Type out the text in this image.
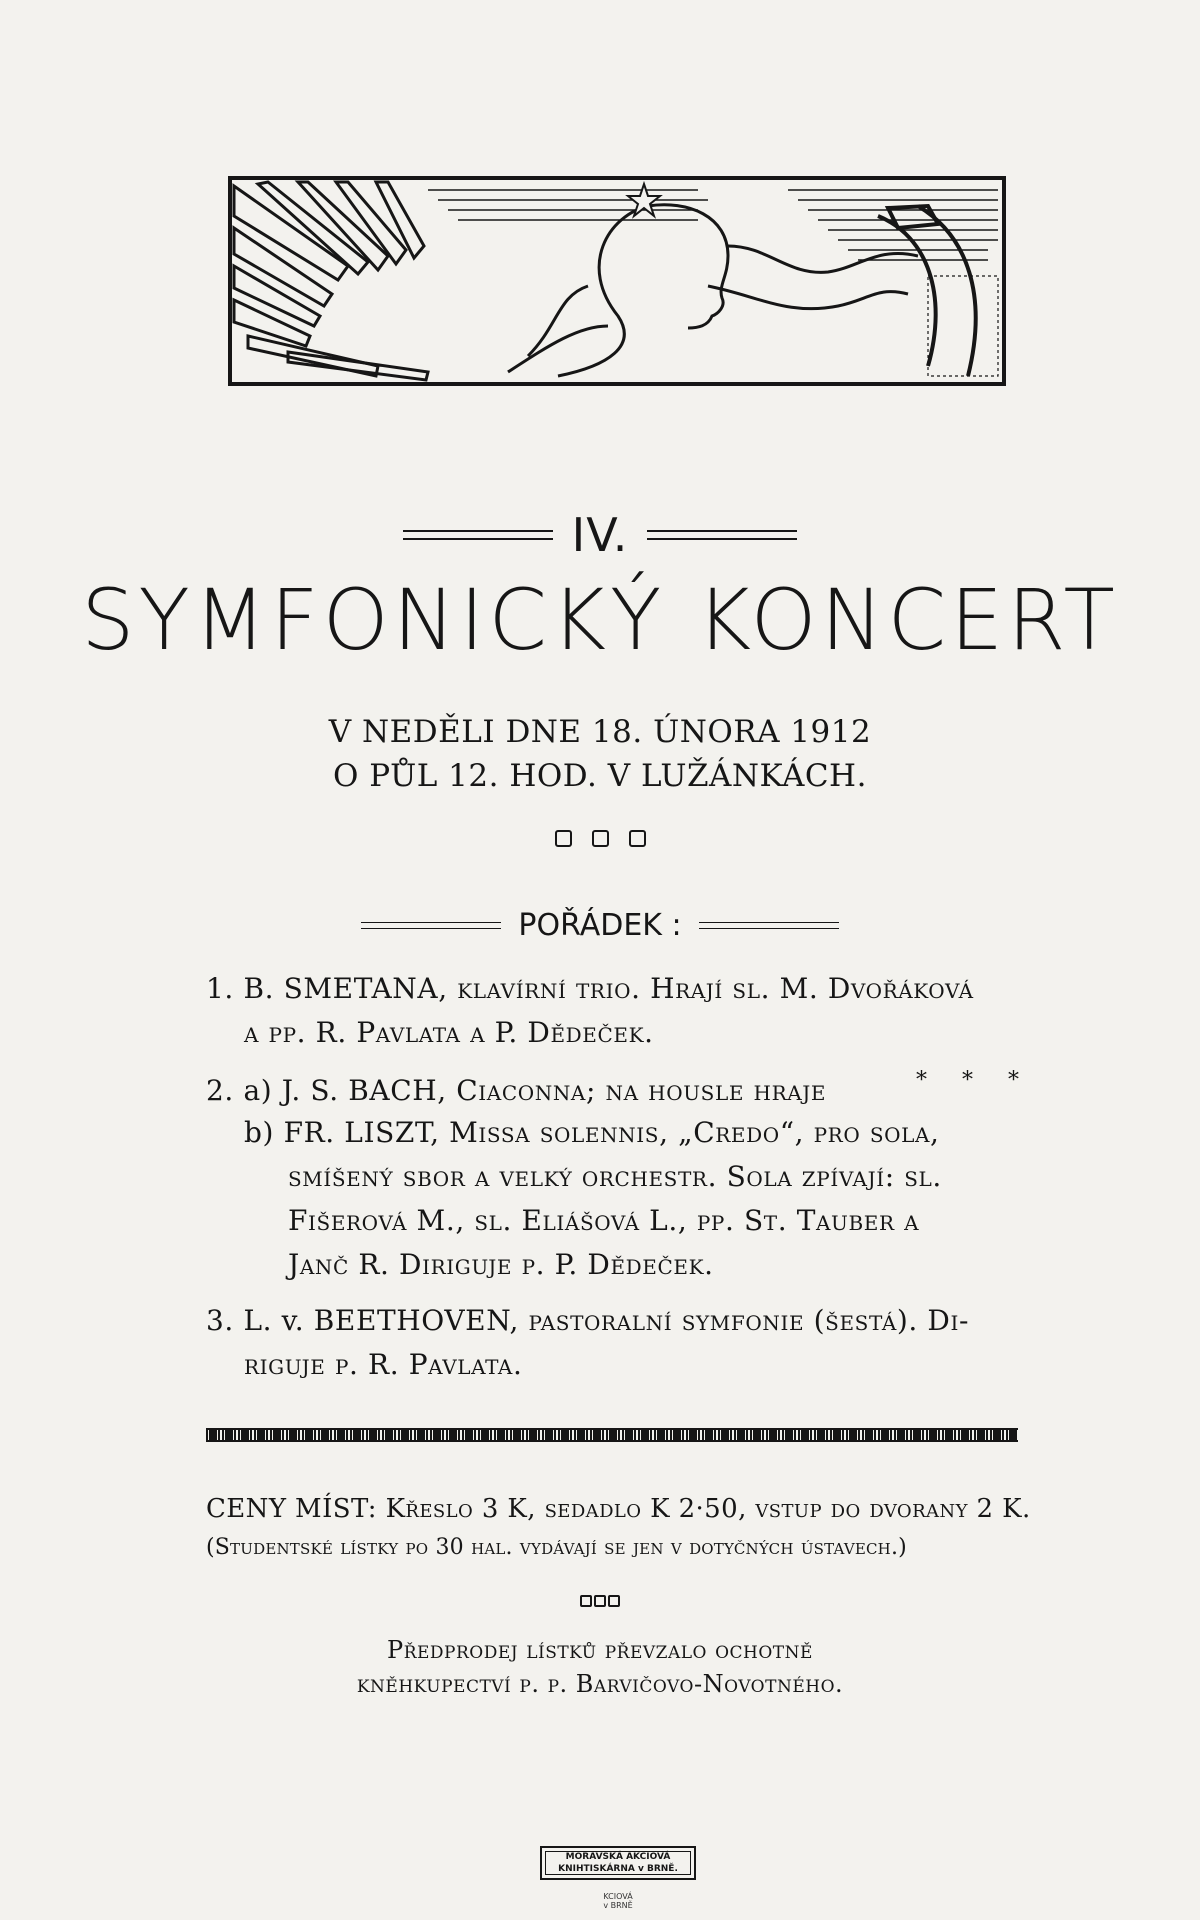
IV.
SYMFONICKÝ KONCERT
V NEDĚLI DNE 18. ÚNORA 1912
O PŮL 12. HOD. V LUŽÁNKÁCH.
POŘÁDEK :
1. B. SMETANA, klavírní trio. Hrají sl. M. Dvořáková
a pp. R. Pavlata a P. Dědeček.
2. a) J. S. BACH, Ciaconna; na housle hraje	* * *
b) FR. LISZT, Missa solennis, „Credo“, pro sola,
smíšený sbor a velký orchestr. Sola zpívají: sl.
Fišerová M., sl. Eliášová L., pp. St. Tauber a
Janč R. Diriguje p. P. Dědeček.
3. L. v. BEETHOVEN, pastoralní symfonie (šestá). Di-
riguje p. R. Pavlata.
CENY MÍST: Křeslo 3 K, sedadlo K 2·50, vstup do dvorany 2 K.
(Studentské lístky po 30 hal. vydávají se jen v dotyčných ústavech.)
Předprodej lístků převzalo ochotně
kněhkupectví p. p. Barvičovo-Novotného.
MORAVSKÁ AKCIOVÁ
KNIHTISKÁRNA v BRNĚ.
KCIOVÁ
v BRNĚ
